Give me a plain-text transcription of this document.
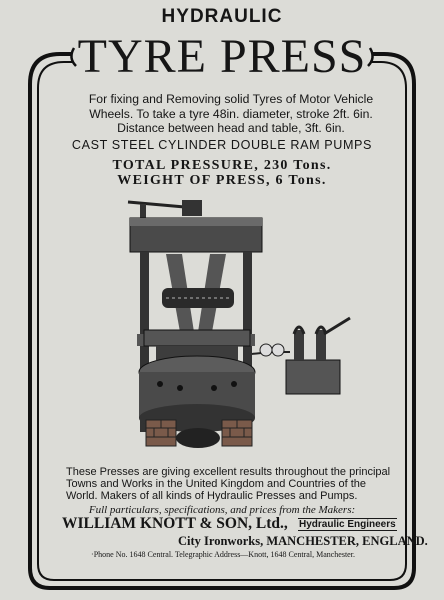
HYDRAULIC
TYRE PRESS
For fixing and Removing solid Tyres of Motor Vehicle
Wheels. To take a tyre 48in. diameter, stroke 2ft. 6in.
Distance between head and table, 3ft. 6in.
CAST STEEL CYLINDER DOUBLE RAM PUMPS
TOTAL PRESSURE, 230 Tons.
WEIGHT OF PRESS, 6 Tons.
These Presses are giving excellent results throughout the principal
Towns and Works in the United Kingdom and Countries of the
World. Makers of all kinds of Hydraulic Presses and Pumps.
Full particulars, specifications, and prices from the Makers:
WILLIAM KNOTT & SON, Ltd., Hydraulic Engineers
City Ironworks, MANCHESTER, ENGLAND.
·Phone No. 1648 Central. Telegraphic Address—Knott, 1648 Central, Manchester.
